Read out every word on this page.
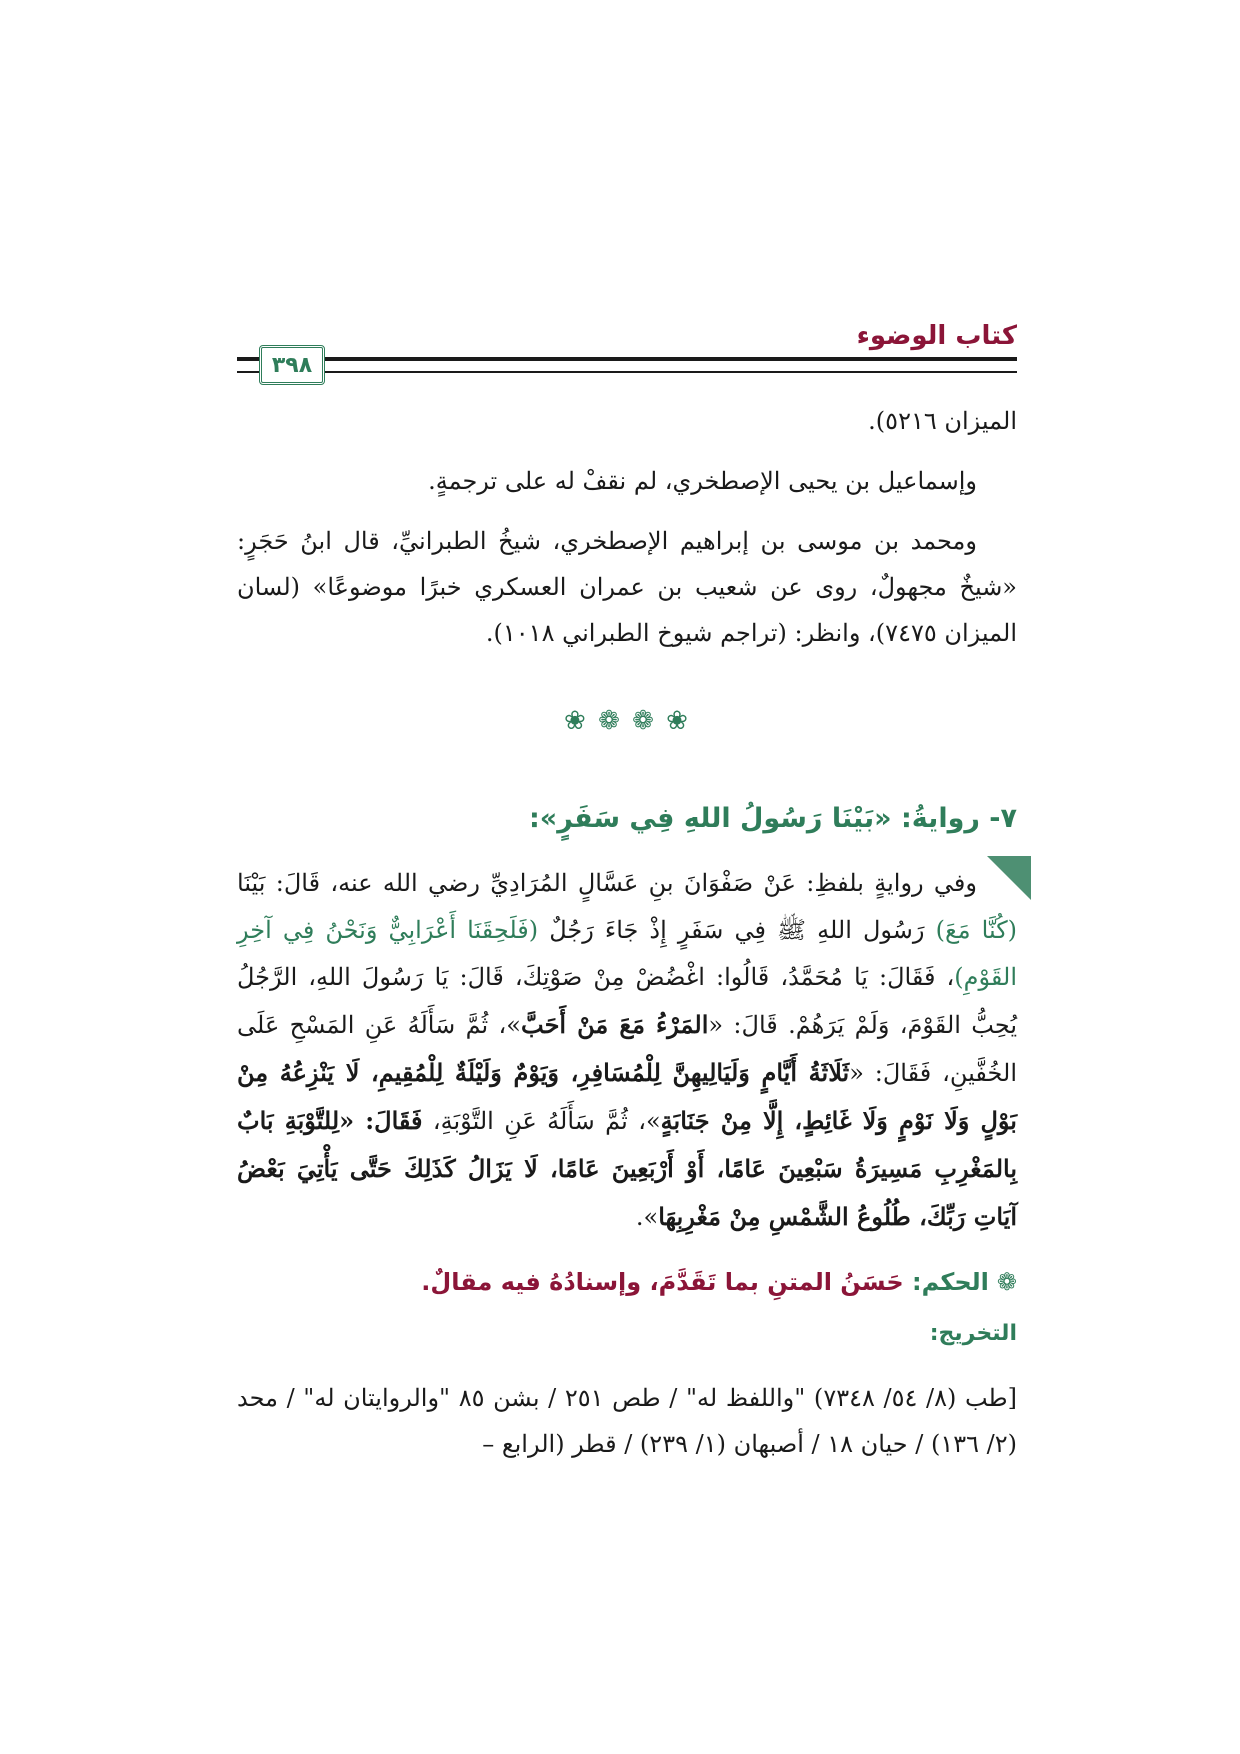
كتاب الوضوء
٣٩٨

الميزان ٥٢١٦).

وإسماعيل بن يحيى الإصطخري، لم نقفْ له على ترجمةٍ.

ومحمد بن موسى بن إبراهيم الإصطخري، شيخُ الطبرانيِّ، قال ابنُ حَجَرٍ: «شيخٌ مجهولٌ، روى عن شعيب بن عمران العسكري خبرًا موضوعًا» (لسان الميزان ٧٤٧٥)، وانظر: (تراجم شيوخ الطبراني ١٠١٨).

❀ ❁ ❁ ❀

٧- روايةُ: «بَيْنَا رَسُولُ اللهِ فِي سَفَرٍ»:

وفي روايةٍ بلفظِ: عَنْ صَفْوَانَ بنِ عَسَّالٍ المُرَادِيِّ رضي الله عنه، قَالَ: بَيْنَا (كُنَّا مَعَ) رَسُول اللهِ ﷺ فِي سَفَرٍ إِذْ جَاءَ رَجُلٌ (فَلَحِقَنَا أَعْرَابِيٌّ وَنَحْنُ فِي آخِرِ القَوْمِ)، فَقَالَ: يَا مُحَمَّدُ، قَالُوا: اغْضُضْ مِنْ صَوْتِكَ، قَالَ: يَا رَسُولَ اللهِ، الرَّجُلُ يُحِبُّ القَوْمَ، وَلَمْ يَرَهُمْ. قَالَ: «المَرْءُ مَعَ مَنْ أَحَبَّ»، ثُمَّ سَأَلَهُ عَنِ المَسْحِ عَلَى الخُفَّينِ، فَقَالَ: «ثَلَاثَةُ أَيَّامٍ وَلَيَالِيهِنَّ لِلْمُسَافِرِ، وَيَوْمٌ وَلَيْلَةٌ لِلْمُقِيمِ، لَا يَنْزِعُهُ مِنْ بَوْلٍ وَلَا نَوْمٍ وَلَا غَائِطٍ، إِلَّا مِنْ جَنَابَةٍ»، ثُمَّ سَأَلَهُ عَنِ التَّوْبَةِ، فَقَالَ: «لِلتَّوْبَةِ بَابٌ بِالمَغْرِبِ مَسِيرَةُ سَبْعِينَ عَامًا، أَوْ أَرْبَعِينَ عَامًا، لَا يَزَالُ كَذَلِكَ حَتَّى يَأْتِيَ بَعْضُ آيَاتِ رَبِّكَ، طُلُوعُ الشَّمْسِ مِنْ مَغْرِبِهَا».

❁الحكم: حَسَنُ المتنِ بما تَقَدَّمَ، وإسنادُهُ فيه مقالٌ.

التخريج:

[طب (٨/ ٥٤/ ٧٣٤٨) "واللفظ له" / طص ٢٥١ / بشن ٨٥ "والروايتان له" / محد (٢/ ١٣٦) / حيان ١٨ / أصبهان (١/ ٢٣٩) / قطر (الرابع –
